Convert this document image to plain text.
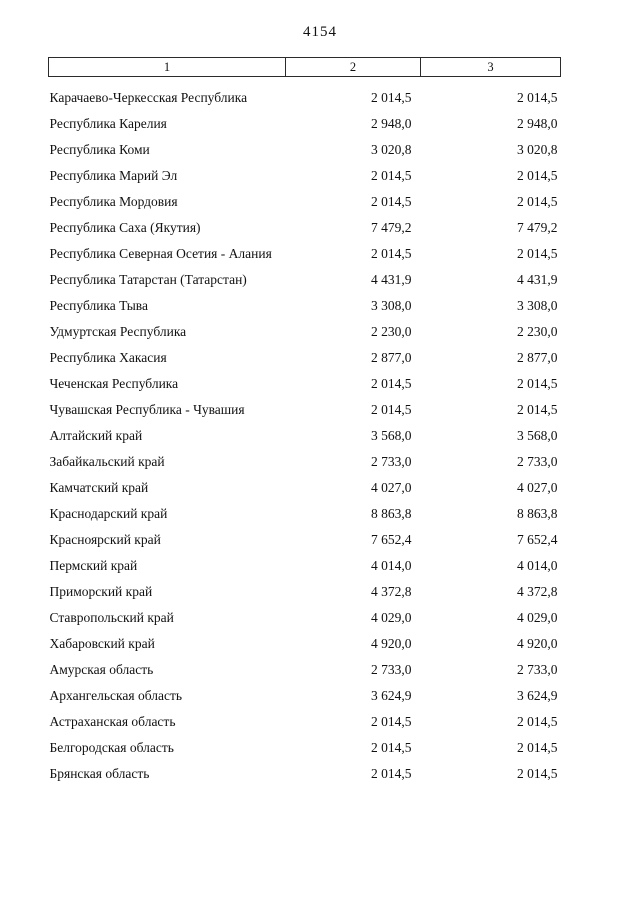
4154
1	2	3
Карачаево-Черкесская Республика	2 014,5	2 014,5
Республика Карелия	2 948,0	2 948,0
Республика Коми	3 020,8	3 020,8
Республика Марий Эл	2 014,5	2 014,5
Республика Мордовия	2 014,5	2 014,5
Республика Саха (Якутия)	7 479,2	7 479,2
Республика Северная Осетия - Алания	2 014,5	2 014,5
Республика Татарстан (Татарстан)	4 431,9	4 431,9
Республика Тыва	3 308,0	3 308,0
Удмуртская Республика	2 230,0	2 230,0
Республика Хакасия	2 877,0	2 877,0
Чеченская Республика	2 014,5	2 014,5
Чувашская Республика - Чувашия	2 014,5	2 014,5
Алтайский край	3 568,0	3 568,0
Забайкальский край	2 733,0	2 733,0
Камчатский край	4 027,0	4 027,0
Краснодарский край	8 863,8	8 863,8
Красноярский край	7 652,4	7 652,4
Пермский край	4 014,0	4 014,0
Приморский край	4 372,8	4 372,8
Ставропольский край	4 029,0	4 029,0
Хабаровский край	4 920,0	4 920,0
Амурская область	2 733,0	2 733,0
Архангельская область	3 624,9	3 624,9
Астраханская область	2 014,5	2 014,5
Белгородская область	2 014,5	2 014,5
Брянская область	2 014,5	2 014,5
